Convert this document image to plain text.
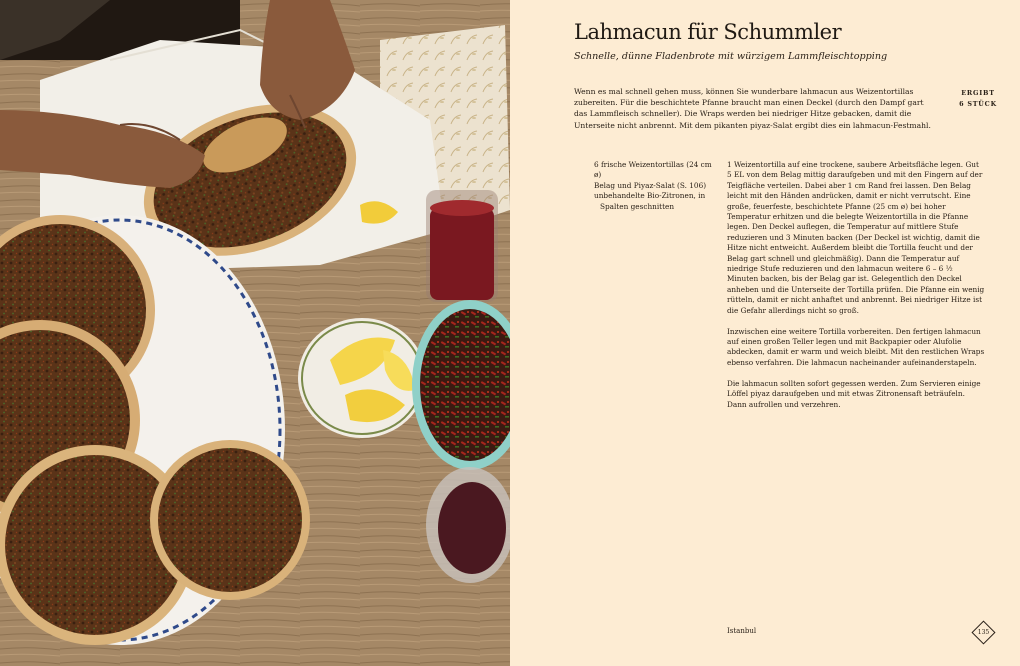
Lahmacun für Schummler

Schnelle, dünne Fladenbrote mit würzigem Lammfleischtopping

Wenn es mal schnell gehen muss, können Sie wunderbare lahmacun aus Weizentortillas zubereiten. Für die beschichtete Pfanne braucht man einen Deckel (durch den Dampf gart das Lammfleisch schneller). Die Wraps werden bei niedriger Hitze gebacken, damit die Unterseite nicht anbrennt. Mit dem pikanten piyaz-Salat ergibt dies ein lahmacun-Festmahl.

ERGIBT
6 STÜCK
6 frische Weizentortillas (24 cm ø)
Belag und Piyaz-Salat (S. 106)
unbehandelte Bio-Zitronen, in
Spalten geschnitten

1 Weizentortilla auf eine trockene, saubere Arbeitsfläche legen. Gut 5 EL von dem Belag mittig daraufgeben und mit den Fingern auf der Teigfläche verteilen. Dabei aber 1 cm Rand frei lassen. Den Belag leicht mit den Händen andrücken, damit er nicht verrutscht. Eine große, feuerfeste, beschichtete Pfanne (25 cm ø) bei hoher Temperatur erhitzen und die belegte Weizentortilla in die Pfanne legen. Den Deckel auflegen, die Temperatur auf mittlere Stufe reduzieren und 3 Minuten backen (Der Deckel ist wichtig, damit die Hitze nicht entweicht. Außerdem bleibt die Tortilla feucht und der Belag gart schnell und gleichmäßig). Dann die Temperatur auf niedrige Stufe reduzieren und den lahmacun weitere 6 – 6 ½ Minuten backen, bis der Belag gar ist. Gelegentlich den Deckel anheben und die Unterseite der Tortilla prüfen. Die Pfanne ein wenig rütteln, damit er nicht anhaftet und anbrennt. Bei niedriger Hitze ist die Gefahr allerdings nicht so groß.

Inzwischen eine weitere Tortilla vorbereiten. Den fertigen lahmacun auf einen großen Teller legen und mit Backpapier oder Alufolie abdecken, damit er warm und weich bleibt. Mit den restlichen Wraps ebenso verfahren. Die lahmacun nacheinander aufeinanderstapeln.

Die lahmacun sollten sofort gegessen werden. Zum Servieren einige Löffel piyaz daraufgeben und mit etwas Zitronensaft beträufeln. Dann aufrollen und verzehren.

Istanbul	135
